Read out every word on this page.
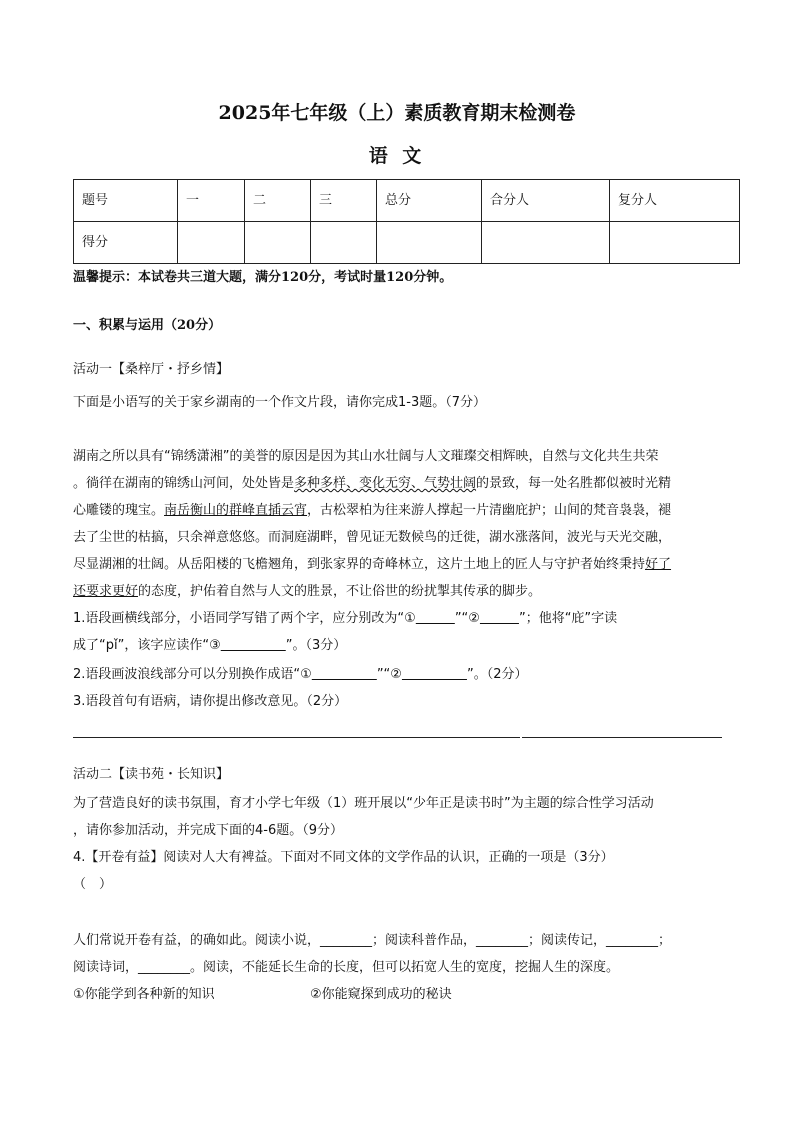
2025年七年级（上）素质教育期末检测卷
语 文
题号	一	二	三	总分	合分人	复分人
得分						
温馨提示：本试卷共三道大题，满分120分，考试时量120分钟。
一、积累与运用（20分）
活动一【桑梓厅・抒乡情】
下面是小语写的关于家乡湖南的一个作文片段，请你完成1-3题。（7分）
湖南之所以具有“锦绣潇湘”的美誉的原因是因为其山水壮阔与人文璀璨交相辉映，自然与文化共生共荣
。徜徉在湖南的锦绣山河间，处处皆是多种多样、变化无穷、气势壮阔的景致，每一处名胜都似被时光精
心雕镂的瑰宝。南岳衡山的群峰直插云宵，古松翠柏为往来游人撑起一片清幽庇护；山间的梵音袅袅，褪
去了尘世的枯搞，只余禅意悠悠。而洞庭湖畔，曾见证无数候鸟的迁徙，湖水涨落间，波光与天光交融，
尽显湖湘的壮阔。从岳阳楼的飞檐翘角，到张家界的奇峰林立，这片土地上的匠人与守护者始终秉持好了
还要求更好的态度，护佑着自然与人文的胜景，不让俗世的纷扰掣其传承的脚步。
1.语段画横线部分，小语同学写错了两个字，应分别改为“①　　　	”“②　　　	”；他将“庇”字读
成了“pǐ”，该字应读作“③　　　　　	”。（3分）
2.语段画波浪线部分可以分别换作成语“①　　　　　	”“②　　　　　	”。（2分）
3.语段首句有语病，请你提出修改意见。（2分）
活动二【读书苑・长知识】
为了营造良好的读书氛围，育才小学七年级（1）班开展以“少年正是读书时”为主题的综合性学习活动
，请你参加活动，并完成下面的4-6题。（9分）
4.【开卷有益】阅读对人大有裨益。下面对不同文体的文学作品的认识，正确的一项是（3分）
（　）
人们常说开卷有益，的确如此。阅读小说，________；阅读科普作品，________；阅读传记，________；
阅读诗词，________。阅读，不能延长生命的长度，但可以拓宽人生的宽度，挖掘人生的深度。
①你能学到各种新的知识	②你能窥探到成功的秘诀
